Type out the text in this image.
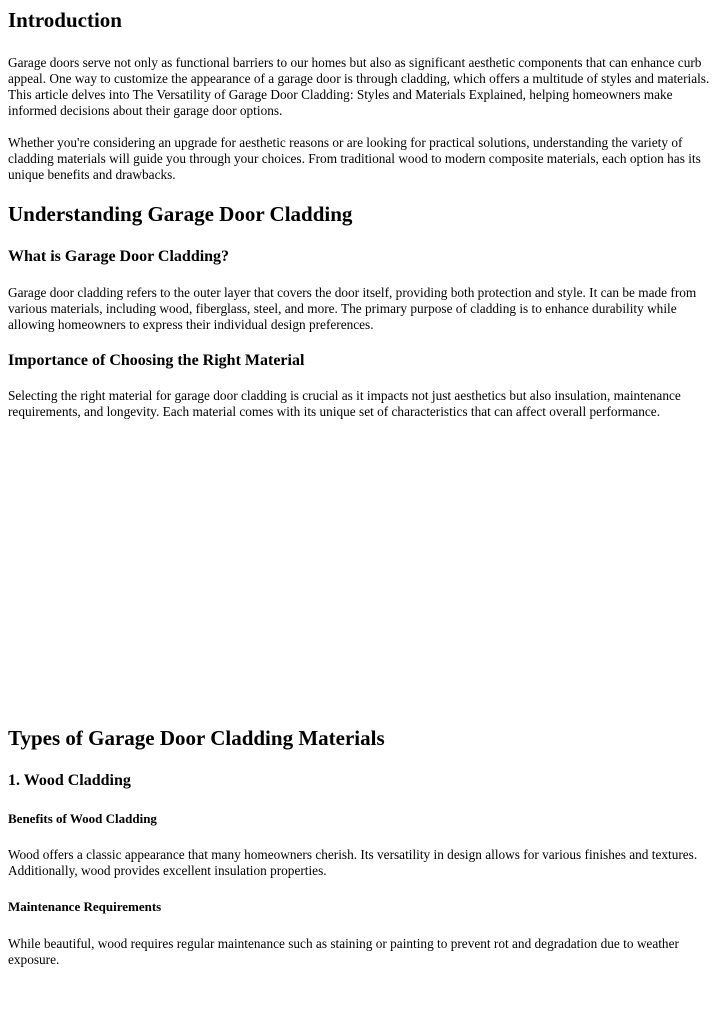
Introduction

Garage doors serve not only as functional barriers to our homes but also as significant aesthetic components that can enhance curb appeal. One way to customize the appearance of a garage door is through cladding, which offers a multitude of styles and materials. This article delves into The Versatility of Garage Door Cladding: Styles and Materials Explained, helping homeowners make informed decisions about their garage door options.

Whether you're considering an upgrade for aesthetic reasons or are looking for practical solutions, understanding the variety of cladding materials will guide you through your choices. From traditional wood to modern composite materials, each option has its unique benefits and drawbacks.

Understanding Garage Door Cladding
What is Garage Door Cladding?

Garage door cladding refers to the outer layer that covers the door itself, providing both protection and style. It can be made from various materials, including wood, fiberglass, steel, and more. The primary purpose of cladding is to enhance durability while allowing homeowners to express their individual design preferences.

Importance of Choosing the Right Material

Selecting the right material for garage door cladding is crucial as it impacts not just aesthetics but also insulation, maintenance requirements, and longevity. Each material comes with its unique set of characteristics that can affect overall performance.

Types of Garage Door Cladding Materials
1. Wood Cladding
Benefits of Wood Cladding

Wood offers a classic appearance that many homeowners cherish. Its versatility in design allows for various finishes and textures. Additionally, wood provides excellent insulation properties.

Maintenance Requirements

While beautiful, wood requires regular maintenance such as staining or painting to prevent rot and degradation due to weather exposure.
